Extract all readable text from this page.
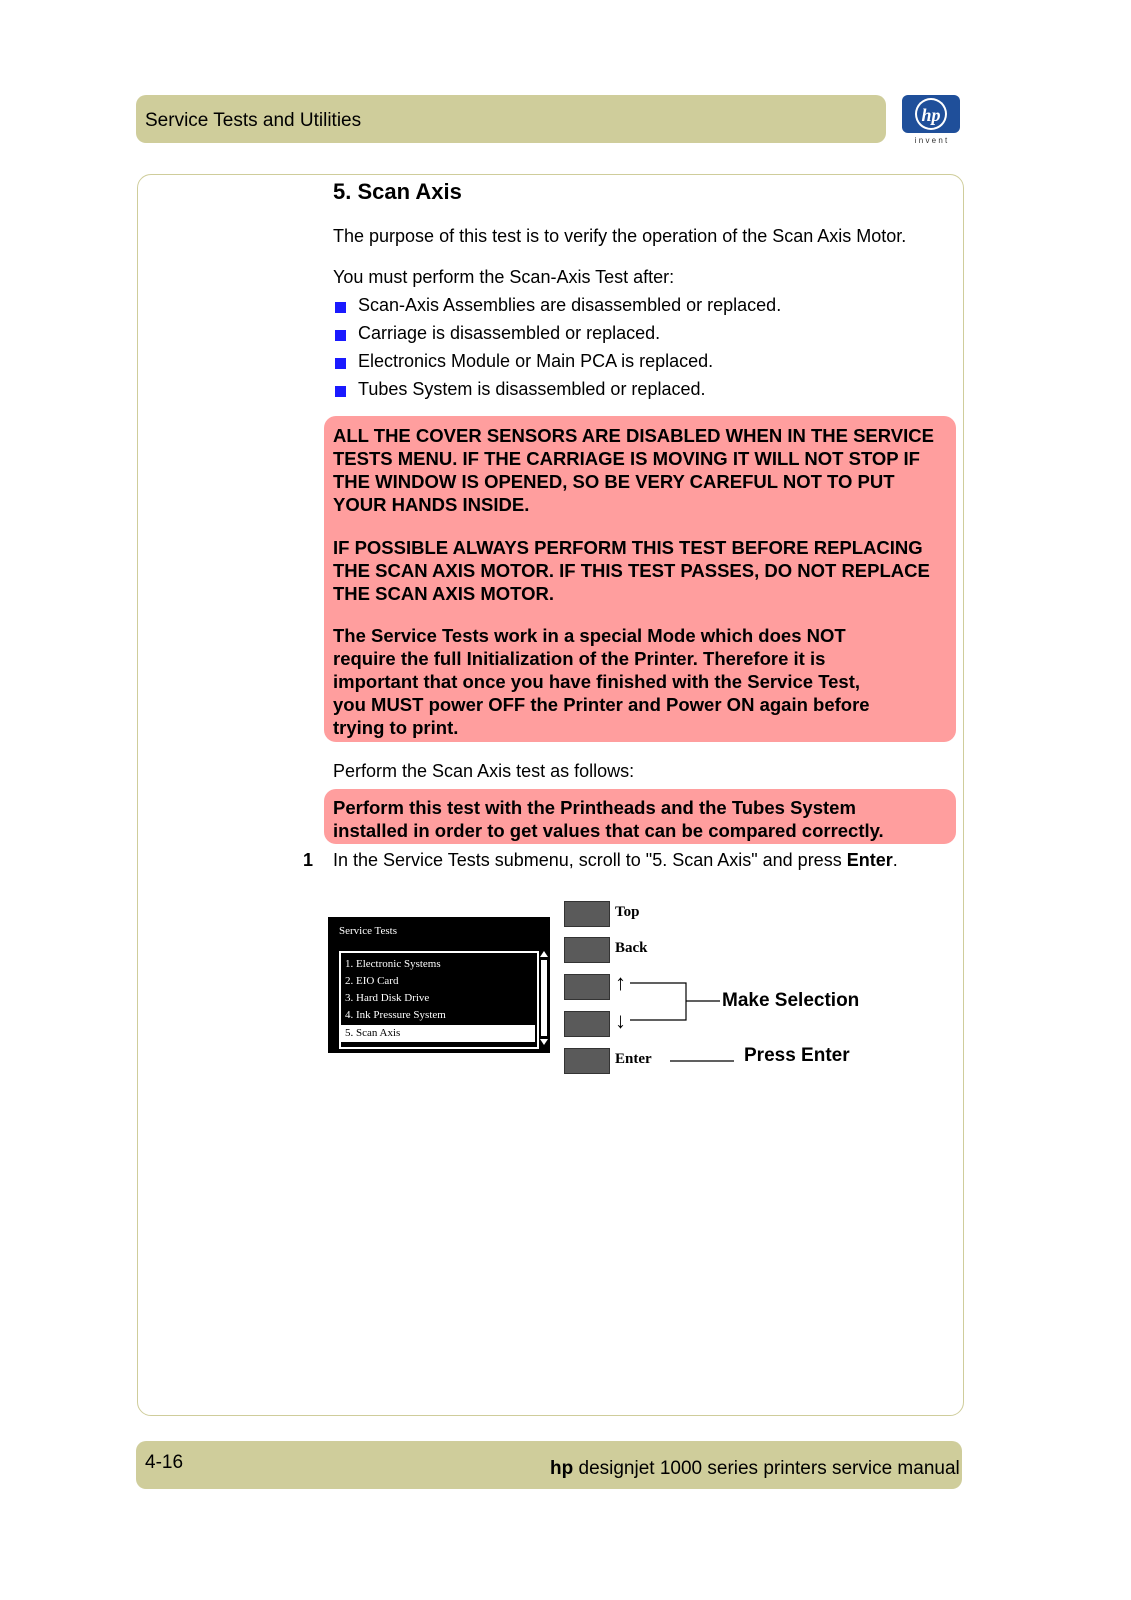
Service Tests and Utilities	hp
i n v e n t
5. Scan Axis
The purpose of this test is to verify the operation of the Scan Axis Motor.
You must perform the Scan-Axis Test after:
Scan-Axis Assemblies are disassembled or replaced.
Carriage is disassembled or replaced.
Electronics Module or Main PCA is replaced.
Tubes System is disassembled or replaced.
ALL THE COVER SENSORS ARE DISABLED WHEN IN THE SERVICE
TESTS MENU. IF THE CARRIAGE IS MOVING IT WILL NOT STOP IF
THE WINDOW IS OPENED, SO BE VERY CAREFUL NOT TO PUT
YOUR HANDS INSIDE.
IF POSSIBLE ALWAYS PERFORM THIS TEST BEFORE REPLACING
THE SCAN AXIS MOTOR. IF THIS TEST PASSES, DO NOT REPLACE
THE SCAN AXIS MOTOR.
The Service Tests work in a special Mode which does NOT
require the full Initialization of the Printer. Therefore it is
important that once you have finished with the Service Test,
you MUST power OFF the Printer and Power ON again before
trying to print.
Perform the Scan Axis test as follows:
Perform this test with the Printheads and the Tubes System
installed in order to get values that can be compared correctly.
1 In the Service Tests submenu, scroll to "5. Scan Axis" and press Enter.
Service Tests
1. Electronic Systems
2. EIO Card
3. Hard Disk Drive
4. Ink Pressure System
5. Scan Axis
Top
Back
↑
↓
Enter
Make Selection
Press Enter
4-16	hp designjet 1000 series printers service manual
